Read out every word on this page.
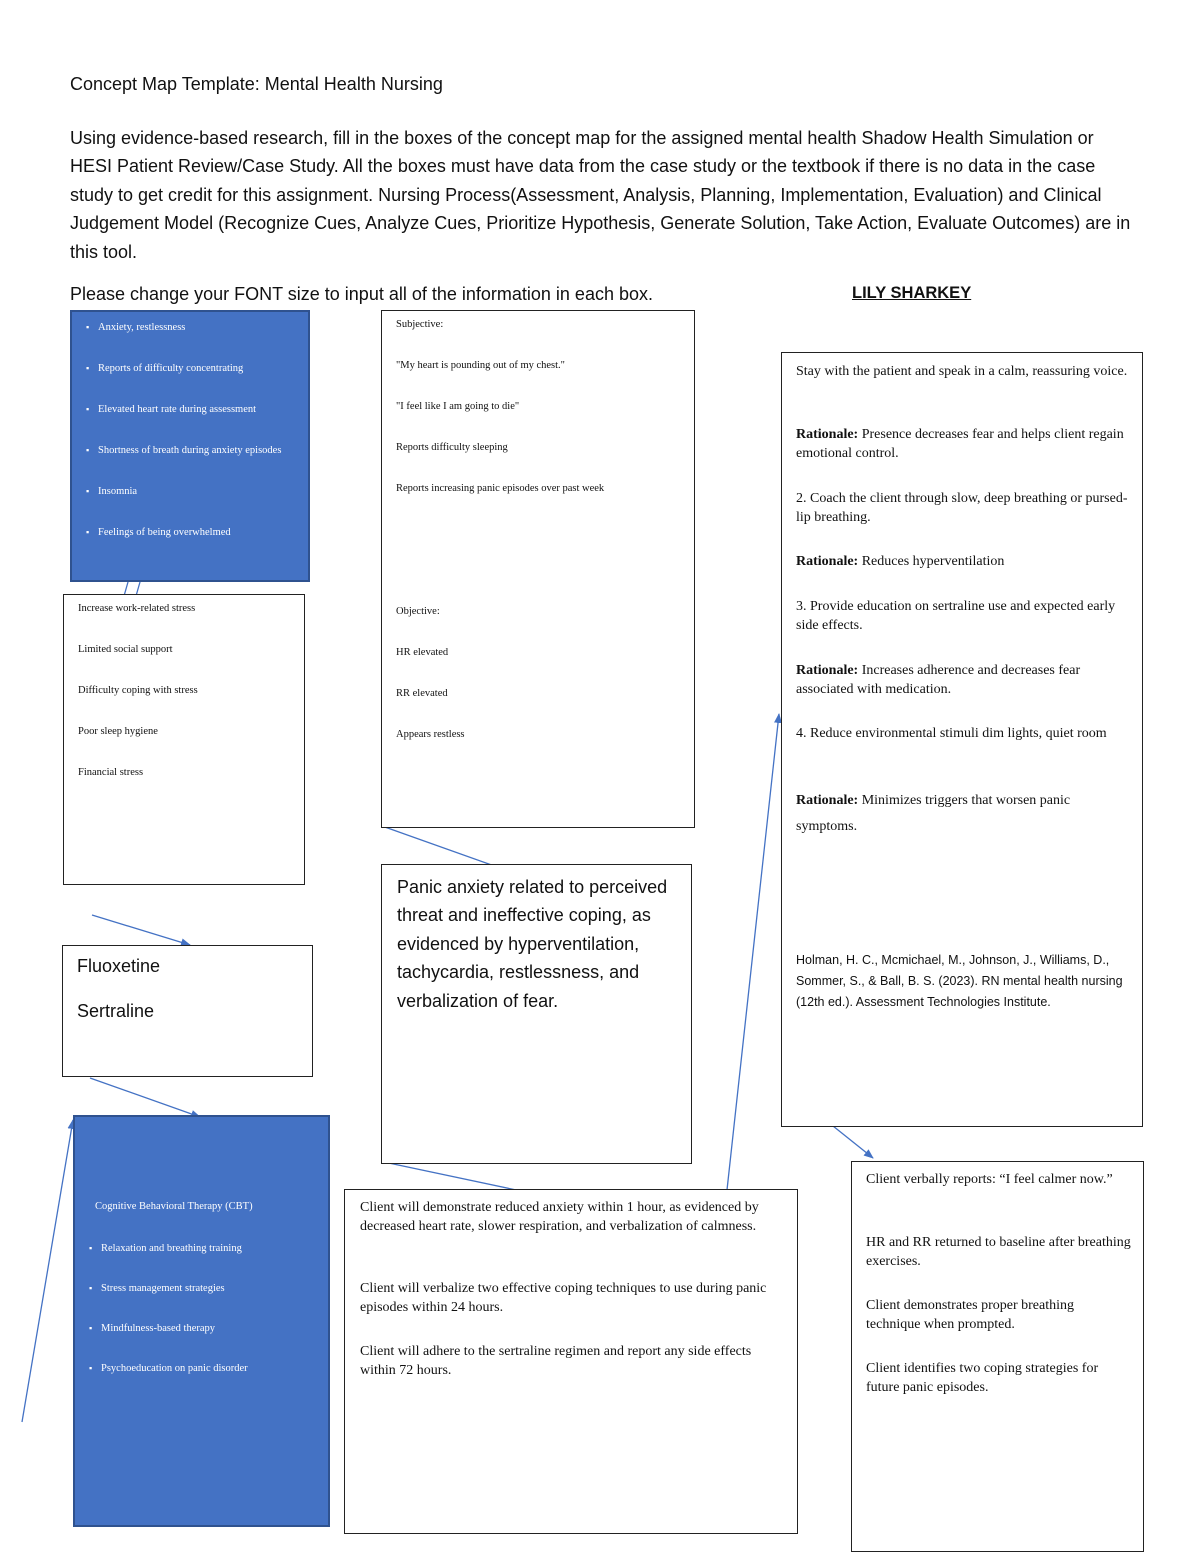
Concept Map Template: Mental Health Nursing
Using evidence-based research, fill in the boxes of the concept map for the assigned mental health Shadow Health Simulation or HESI Patient Review/Case Study. All the boxes must have data from the case study or the textbook if there is no data in the case study to get credit for this assignment. Nursing Process(Assessment, Analysis, Planning, Implementation, Evaluation) and Clinical Judgement Model (Recognize Cues, Analyze Cues, Prioritize Hypothesis, Generate Solution, Take Action, Evaluate Outcomes) are in this tool.
Please change your FONT size to input all of the information in each box.	LILY SHARKEY
▪ Anxiety, restlessness
▪ Reports of difficulty concentrating
▪ Elevated heart rate during assessment
▪ Shortness of breath during anxiety episodes
▪ Insomnia
▪ Feelings of being overwhelmed

Increase work-related stress

Limited social support

Difficulty coping with stress

Poor sleep hygiene

Financial stress

Fluoxetine
Sertraline
Cognitive Behavioral Therapy (CBT)
▪ Relaxation and breathing training
▪ Stress management strategies
▪ Mindfulness-based therapy
▪ Psychoeducation on panic disorder

Subjective:

"My heart is pounding out of my chest."

"I feel like I am going to die"

Reports difficulty sleeping

Reports increasing panic episodes over past week

Objective:

HR elevated

RR elevated

Appears restless

Panic anxiety related to perceived threat and ineffective coping, as evidenced by hyperventilation, tachycardia, restlessness, and verbalization of fear.

Client will demonstrate reduced anxiety within 1 hour, as evidenced by decreased heart rate, slower respiration, and verbalization of calmness.

Client will verbalize two effective coping techniques to use during panic episodes within 24 hours.

Client will adhere to the sertraline regimen and report any side effects within 72 hours.

Stay with the patient and speak in a calm, reassuring voice.

Rationale: Presence decreases fear and helps client regain emotional control.

2. Coach the client through slow, deep breathing or pursed-lip breathing.

Rationale: Reduces hyperventilation

3. Provide education on sertraline use and expected early side effects.

Rationale: Increases adherence and decreases fear associated with medication.

4. Reduce environmental stimuli dim lights, quiet room

Rationale: Minimizes triggers that worsen panic symptoms.

Holman, H. C., Mcmichael, M., Johnson, J., Williams, D., Sommer, S., & Ball, B. S. (2023). RN mental health nursing (12th ed.). Assessment Technologies Institute.

Client verbally reports: “I feel calmer now.”

HR and RR returned to baseline after breathing exercises.

Client demonstrates proper breathing technique when prompted.

Client identifies two coping strategies for future panic episodes.
